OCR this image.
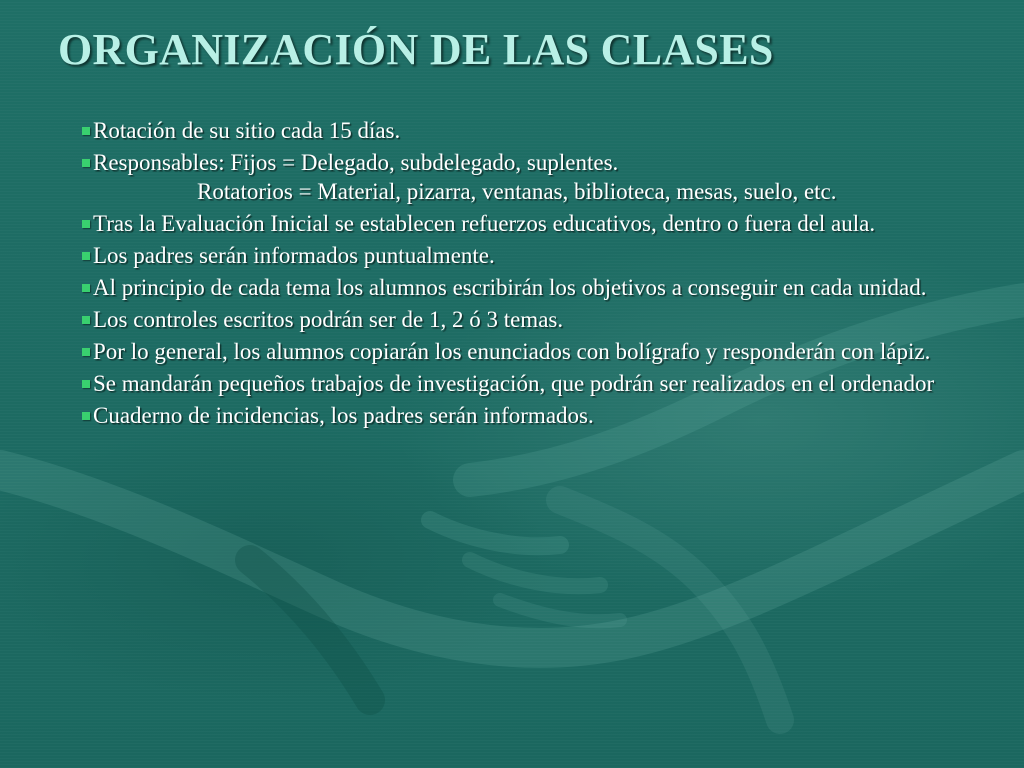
ORGANIZACIÓN DE LAS CLASES
Rotación de su sitio cada 15 días.
Responsables: Fijos = Delegado, subdelegado, suplentes.
Rotatorios = Material, pizarra, ventanas, biblioteca, mesas, suelo, etc.
Tras la Evaluación Inicial se establecen refuerzos educativos, dentro o fuera del aula.
Los padres serán informados puntualmente.
Al principio de cada tema los alumnos escribirán los objetivos a conseguir en cada unidad.
Los controles escritos podrán ser de 1, 2 ó 3 temas.
Por lo general, los alumnos copiarán los enunciados con bolígrafo y responderán con lápiz.
Se mandarán pequeños trabajos de investigación, que podrán ser realizados en el ordenador
Cuaderno de incidencias, los padres serán informados.
